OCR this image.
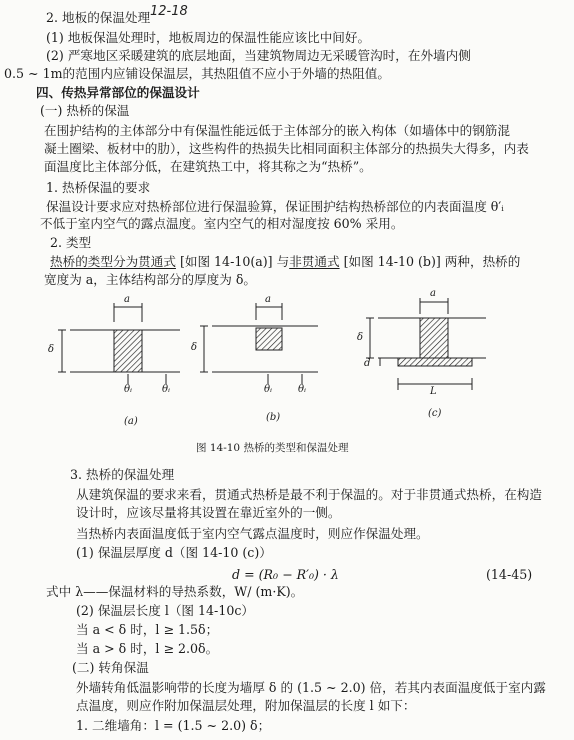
12-18
2. 地板的保温处理
(1) 地板保温处理时，地板周边的保温性能应该比中间好。
(2) 严寒地区采暖建筑的底层地面，当建筑物周边无采暖管沟时，在外墙内侧
0.5 ~ 1m的范围内应铺设保温层，其热阻值不应小于外墙的热阻值。
四、传热异常部位的保温设计
(一) 热桥的保温
在围护结构的主体部分中有保温性能远低于主体部分的嵌入构体（如墙体中的钢筋混
凝土圈梁、板材中的肋），这些构件的热损失比相同面积主体部分的热损失大得多，内表
面温度比主体部分低，在建筑热工中，将其称之为“热桥”。
1. 热桥保温的要求
保温设计要求应对热桥部位进行保温验算，保证围护结构热桥部位的内表面温度 θ′ᵢ
不低于室内空气的露点温度。室内空气的相对湿度按 60% 采用。
2. 类型
热桥的类型分为贯通式 [如图 14-10(a)] 与非贯通式 [如图 14-10 (b)] 两种，热桥的
宽度为 a，主体结构部分的厚度为 δ。
a	a
a
δ	δ
δ
d
L
θᵢ	θᵢ	θᵢ	θᵢ
(a)	(b)	(c)
图 14-10 热桥的类型和保温处理
3. 热桥的保温处理
从建筑保温的要求来看，贯通式热桥是最不利于保温的。对于非贯通式热桥，在构造
设计时，应该尽量将其设置在靠近室外的一侧。
当热桥内表面温度低于室内空气露点温度时，则应作保温处理。
(1) 保温层厚度 d（图 14-10 (c)）
d = (R₀ − R′₀) · λ	(14-45)
式中 λ——保温材料的导热系数，W/ (m·K)。
(2) 保温层长度 l（图 14-10c）
当 a < δ 时，l ≥ 1.5δ；
当 a > δ 时，l ≥ 2.0δ。
(二) 转角保温
外墙转角低温影响带的长度为墙厚 δ 的 (1.5 ~ 2.0) 倍，若其内表面温度低于室内露
点温度，则应作附加保温层处理，附加保温层的长度 l 如下：
1. 二维墙角：l = (1.5 ~ 2.0) δ；
